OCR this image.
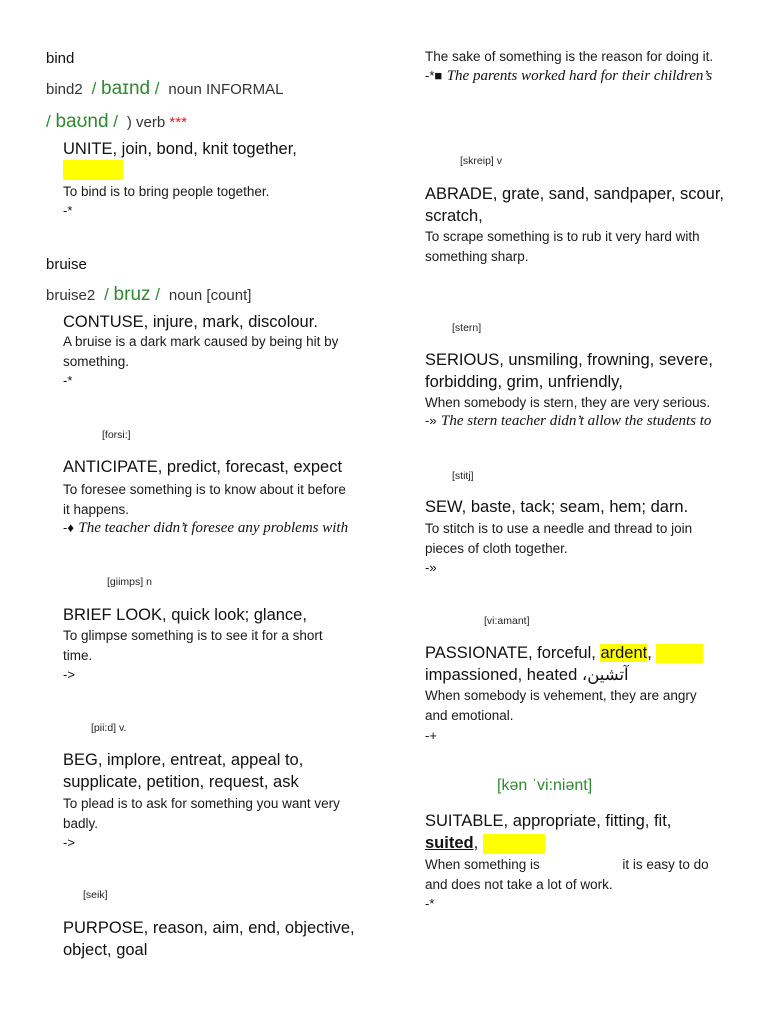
bind
bind2  / baɪnd /  noun INFORMAL
/ baʊnd /  ) verb ***
UNITE, join, bond, knit together,
To bind is to bring people together.
-*
bruise
bruise2  / bruz /  noun [count]
CONTUSE, injure, mark, discolour.
A bruise is a dark mark caused by being hit by
something.
-*
[forsi:]
ANTICIPATE, predict, forecast, expect
To foresee something is to know about it before
it happens.
-♦ The teacher didn’t foresee any problems with
[giimps] n
BRIEF LOOK, quick look; glance,
To glimpse something is to see it for a short
time.
->
[pii:d] v.
BEG, implore, entreat, appeal to,
supplicate, petition, request, ask
To plead is to ask for something you want very
badly.
->
[seik]
PURPOSE, reason, aim, end, objective,
object, goal
The sake of something is the reason for doing it.
-*■ The parents worked hard for their children’s
[skreip] v
ABRADE, grate, sand, sandpaper, scour,
scratch,
To scrape something is to rub it very hard with
something sharp.
[stern]
SERIOUS, unsmiling, frowning, severe,
forbidding, grim, unfriendly,
When somebody is stern, they are very serious.
-» The stern teacher didn’t allow the students to
[stitj]
SEW, baste, tack; seam, hem; darn.
To stitch is to use a needle and thread to join
pieces of cloth together.
-»
[vi:amant]
PASSIONATE, forceful, ardent,
impassioned, heated آتشین،
When somebody is vehement, they are angry
and emotional.
-+
[kən ˈvi:niənt]
SUITABLE, appropriate, fitting, fit,
suited,
When something is	it is easy to do
and does not take a lot of work.
-*
